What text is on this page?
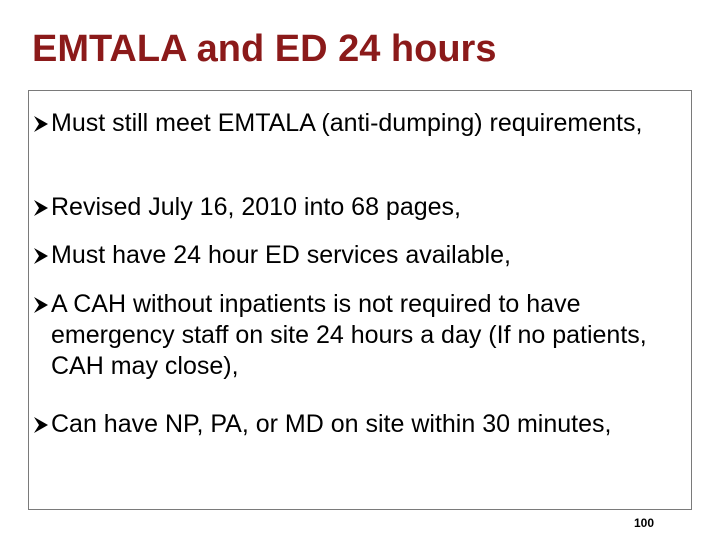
EMTALA and ED 24 hours
Must still meet EMTALA (anti-dumping) requirements,
Revised July 16, 2010 into 68 pages,
Must have 24 hour ED services available,
A CAH without inpatients is not required to have emergency staff on site 24 hours a day (If no patients, CAH may close),
Can have NP, PA, or MD on site within 30 minutes,
100
